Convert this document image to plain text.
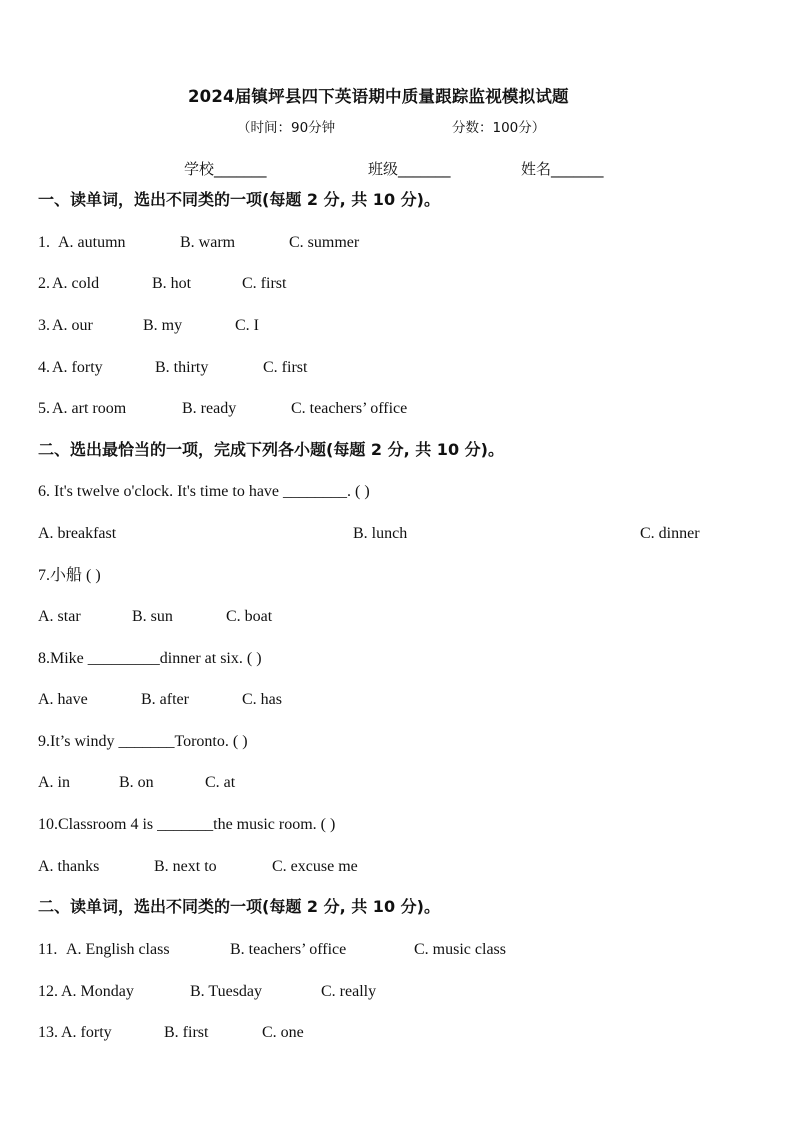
2024届镇坪县四下英语期中质量跟踪监视模拟试题
（时间：90分钟	分数：100分）
学校_______	班级_______	姓名_______
一、读单词，选出不同类的一项(每题 2 分, 共 10 分)。
1. A. autumn	B. warm	C. summer
2. A. cold	B. hot	C. first
3. A. our	B. my	C. I
4. A. forty	B. thirty	C. first
5. A. art room	B. ready	C. teachers’ office
二、选出最恰当的一项，完成下列各小题(每题 2 分, 共 10 分)。
6. It's twelve o'clock. It's time to have ________. ( )
A. breakfast	B. lunch	C. dinner
7.小船 ( )
A. star	B. sun	C. boat
8.Mike _________dinner at six. ( )
A. have	B. after	C. has
9.It’s windy _______Toronto. ( )
A. in	B. on	C. at
10.Classroom 4 is _______the music room. ( )
A. thanks	B. next to	C. excuse me
二、读单词，选出不同类的一项(每题 2 分, 共 10 分)。
11. A. English class	B. teachers’ office	C. music class
12. A. Monday	B. Tuesday	C. really
13. A. forty	B. first	C. one
